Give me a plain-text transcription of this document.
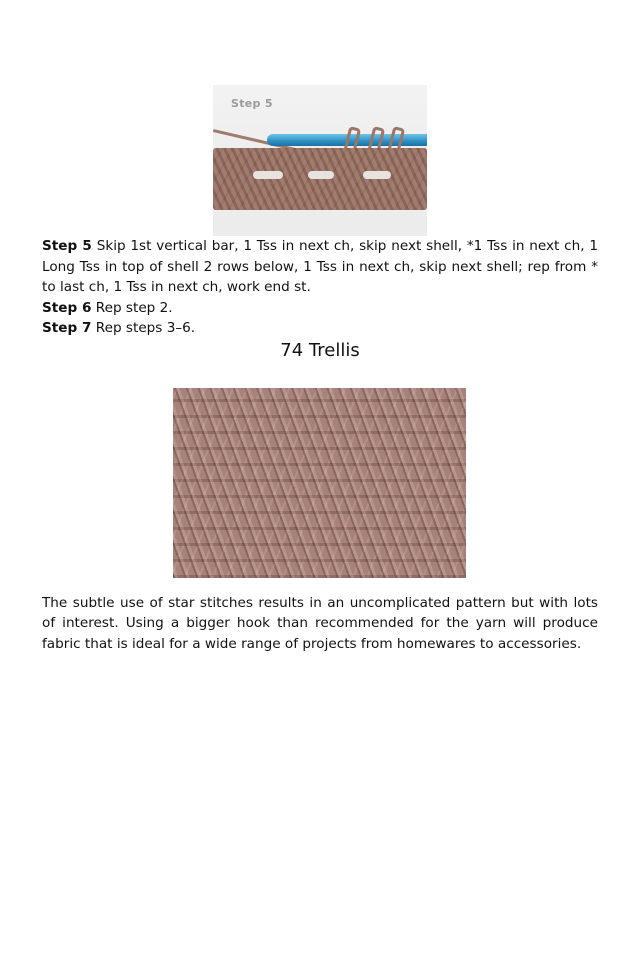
Step 5

Step 5 Skip 1st vertical bar, 1 Tss in next ch, skip next shell, *1 Tss in next ch, 1 Long Tss in top of shell 2 rows below, 1 Tss in next ch, skip next shell; rep from * to last ch, 1 Tss in next ch, work end st.

Step 6 Rep step 2.

Step 7 Rep steps 3–6.

74 Trellis

The subtle use of star stitches results in an uncomplicated pattern but with lots of interest. Using a bigger hook than recommended for the yarn will produce fabric that is ideal for a wide range of projects from homewares to accessories.
